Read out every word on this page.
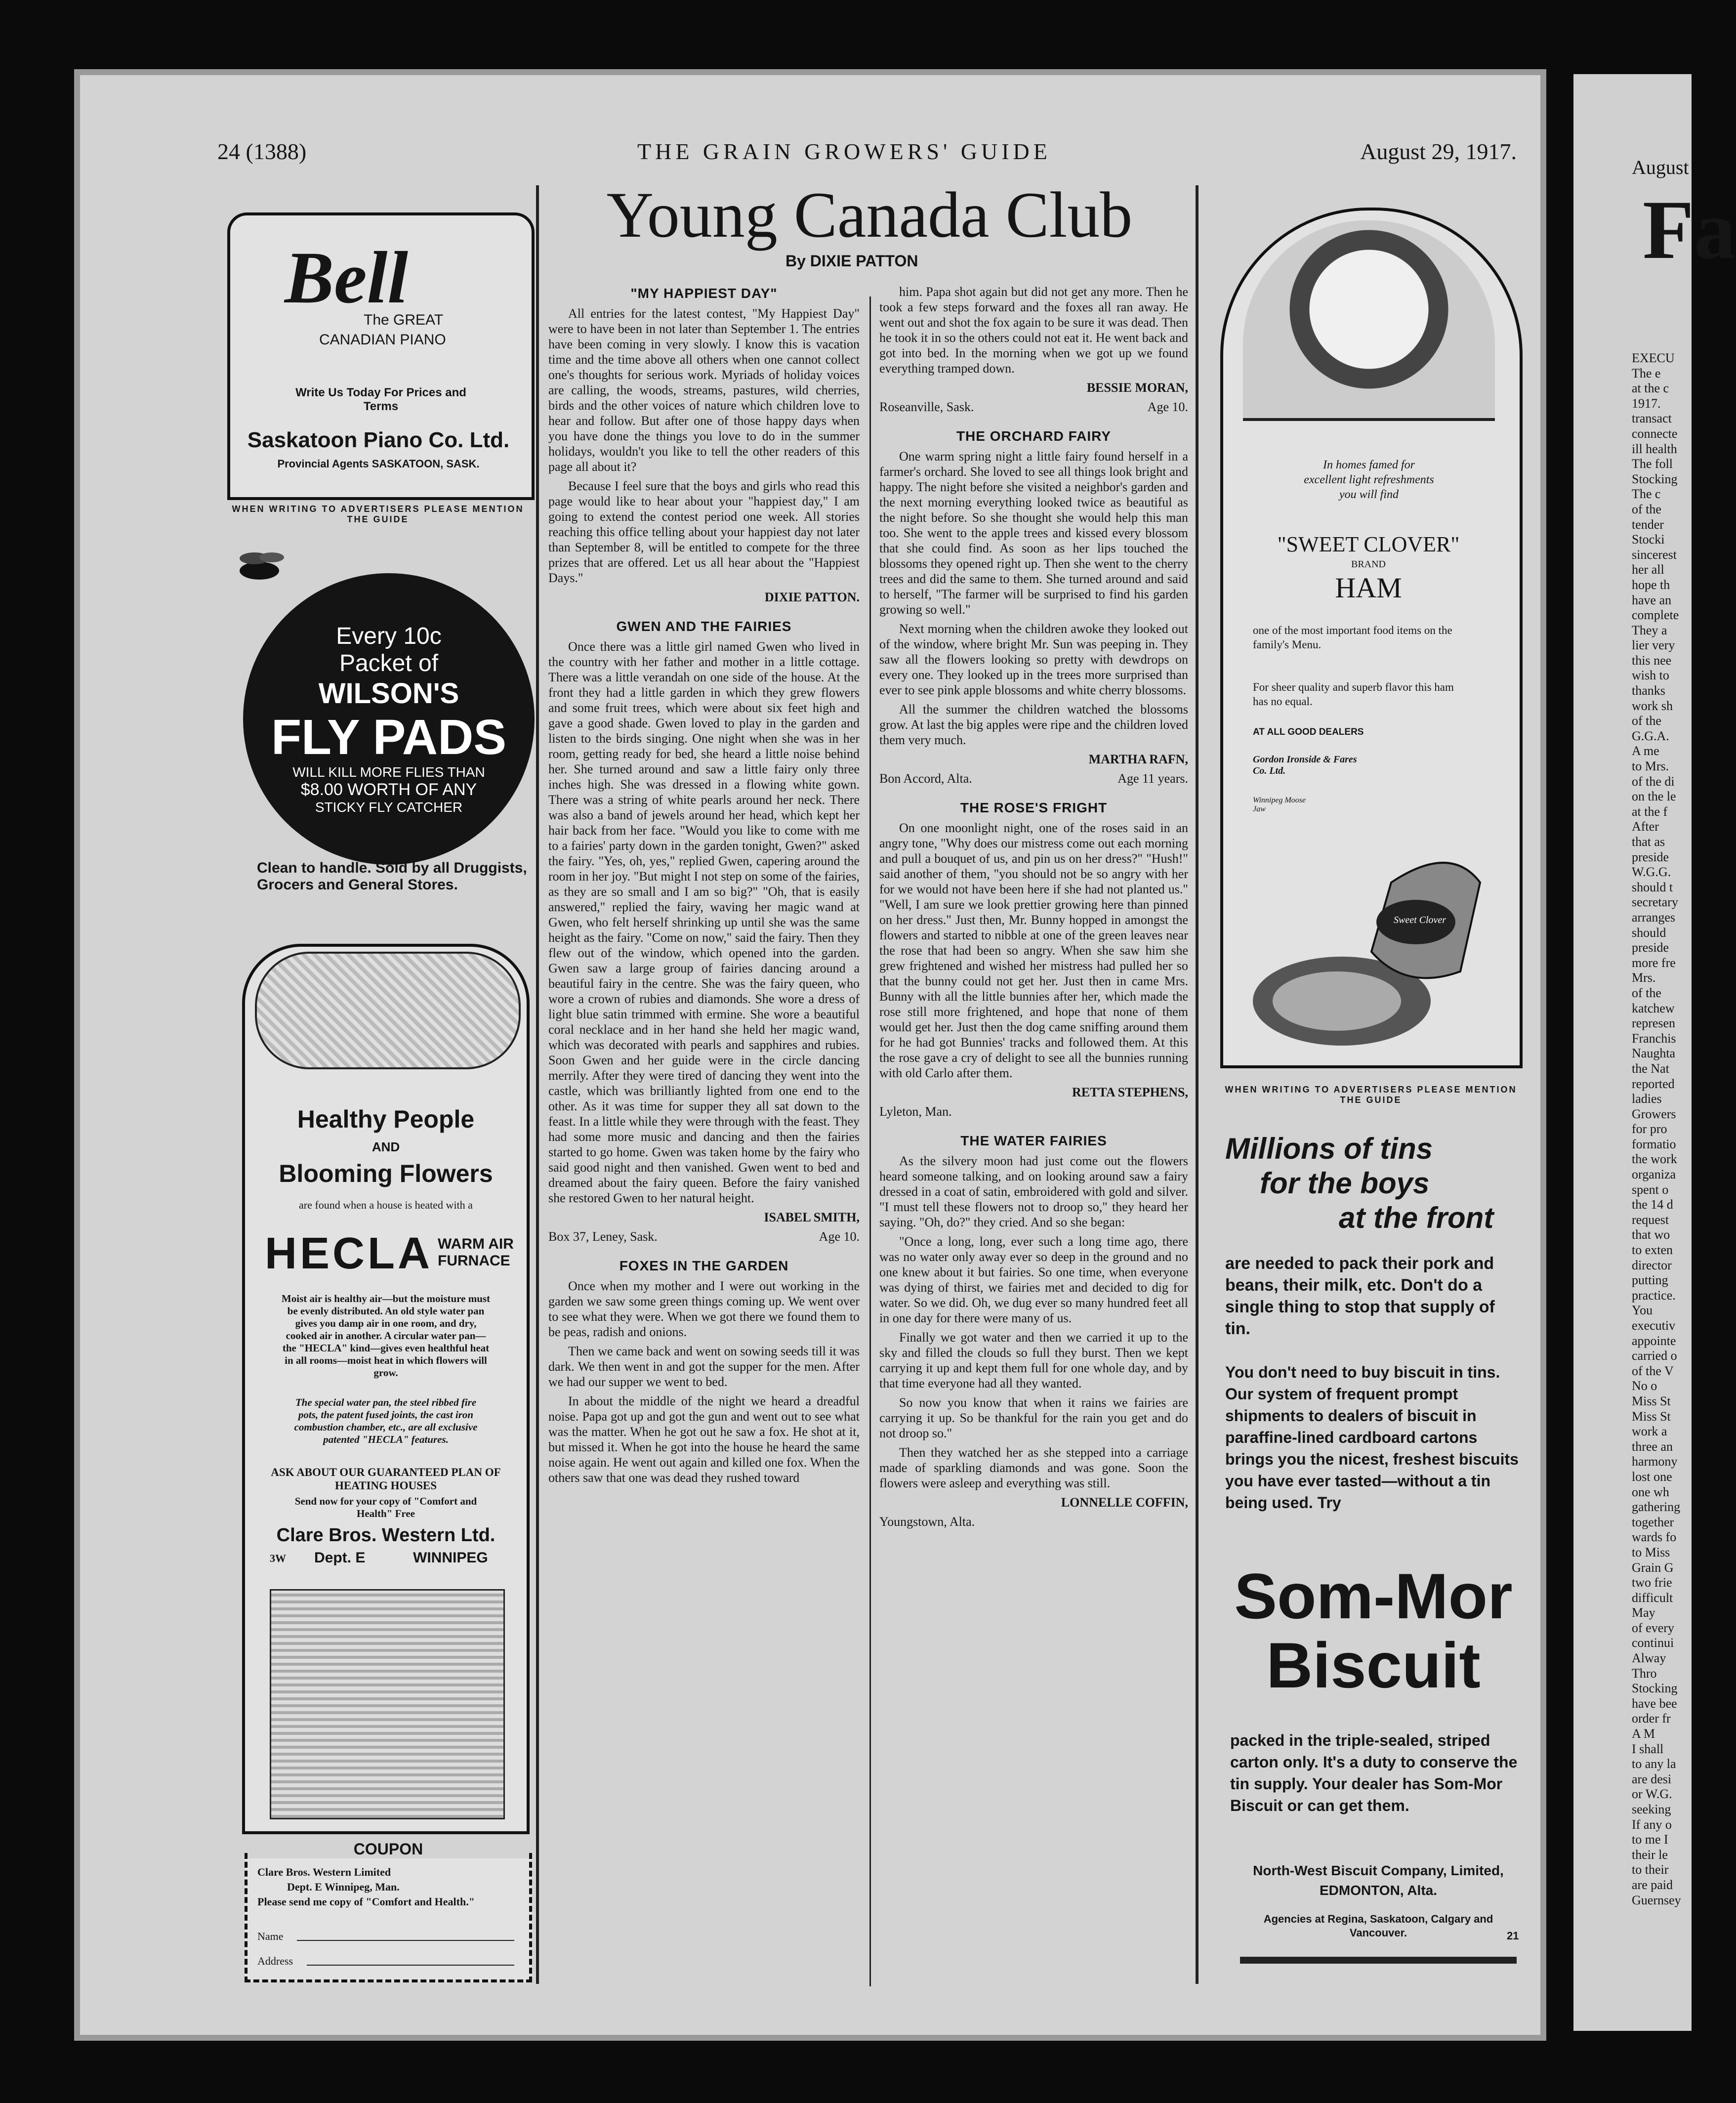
August
Fa
EXECU
The e
at the c
1917.
transact
connecte
ill health
The foll
Stocking
The c
of the
tender
Stocki
sincerest
her all
hope th
have an
complete
They a
lier very
this nee
wish to
thanks
work sh
of the
G.G.A.
A me
to Mrs.
of the di
on the le
at the f
After
that as
preside
W.G.G.
should t
secretary
arranges
should
preside
more fre
Mrs.
of the
katchew
represen
Franchis
Naughta
the Nat
reported
ladies
Growers
for pro
formatio
the work
organiza
spent o
the 14 d
request
that wo
to exten
director
putting
practice.
You
executiv
appointe
carried o
of the V
No o
Miss St
Miss St
work a
three an
harmony
lost one
one wh
gathering
together
wards fo
to Miss
Grain G
two frie
difficult
May
of every
continui
Alway
Thro
Stocking
have bee
order fr
A M
I shall
to any la
are desi
or W.G.
seeking
If any o
to me I
their le
to their
are paid
Guernsey
24 (1388)	THE GRAIN GROWERS' GUIDE	August 29, 1917.
Bell
The GREAT
CANADIAN PIANO
Write Us Today For Prices and Terms
Saskatoon Piano Co. Ltd.
Provincial Agents SASKATOON, SASK.
WHEN WRITING TO ADVERTISERS PLEASE MENTION THE GUIDE
Every 10c
Packet of
WILSON'S
FLY PADS
WILL KILL MORE FLIES THAN
$8.00 WORTH OF ANY
STICKY FLY CATCHER
Clean to handle. Sold by all Druggists, Grocers and General Stores.
Healthy People
AND
Blooming Flowers
are found when a house is heated with a
HECLA WARM AIR FURNACE
Moist air is healthy air—but the moisture must be evenly distributed. An old style water pan gives you damp air in one room, and dry, cooked air in another. A circular water pan—the "HECLA" kind—gives even healthful heat in all rooms—moist heat in which flowers will grow.
The special water pan, the steel ribbed fire pots, the patent fused joints, the cast iron combustion chamber, etc., are all exclusive patented "HECLA" features.
ASK ABOUT OUR GUARANTEED PLAN OF HEATING HOUSES
Send now for your copy of "Comfort and Health" Free
Clare Bros. Western Ltd.
3W Dept. E	WINNIPEG
COUPON
Clare Bros. Western Limited
Dept. E Winnipeg, Man.
Please send me copy of "Comfort and Health."
Name
Address
Young Canada Club
By DIXIE PATTON
"MY HAPPIEST DAY"

All entries for the latest contest, "My Happiest Day" were to have been in not later than September 1. The entries have been coming in very slowly. I know this is vacation time and the time above all others when one cannot collect one's thoughts for serious work. Myriads of holiday voices are calling, the woods, streams, pastures, wild cherries, birds and the other voices of nature which children love to hear and follow. But after one of those happy days when you have done the things you love to do in the summer holidays, wouldn't you like to tell the other readers of this page all about it?

Because I feel sure that the boys and girls who read this page would like to hear about your "happiest day," I am going to extend the contest period one week. All stories reaching this office telling about your happiest day not later than September 8, will be entitled to compete for the three prizes that are offered. Let us all hear about the "Happiest Days."

DIXIE PATTON.

GWEN AND THE FAIRIES

Once there was a little girl named Gwen who lived in the country with her father and mother in a little cottage. There was a little verandah on one side of the house. At the front they had a little garden in which they grew flowers and some fruit trees, which were about six feet high and gave a good shade. Gwen loved to play in the garden and listen to the birds singing. One night when she was in her room, getting ready for bed, she heard a little noise behind her. She turned around and saw a little fairy only three inches high. She was dressed in a flowing white gown. There was a string of white pearls around her neck. There was also a band of jewels around her head, which kept her hair back from her face. "Would you like to come with me to a fairies' party down in the garden tonight, Gwen?" asked the fairy. "Yes, oh, yes," replied Gwen, capering around the room in her joy. "But might I not step on some of the fairies, as they are so small and I am so big?" "Oh, that is easily answered," replied the fairy, waving her magic wand at Gwen, who felt herself shrinking up until she was the same height as the fairy. "Come on now," said the fairy. Then they flew out of the window, which opened into the garden. Gwen saw a large group of fairies dancing around a beautiful fairy in the centre. She was the fairy queen, who wore a crown of rubies and diamonds. She wore a dress of light blue satin trimmed with ermine. She wore a beautiful coral necklace and in her hand she held her magic wand, which was decorated with pearls and sapphires and rubies. Soon Gwen and her guide were in the circle dancing merrily. After they were tired of dancing they went into the castle, which was brilliantly lighted from one end to the other. As it was time for supper they all sat down to the feast. In a little while they were through with the feast. They had some more music and dancing and then the fairies started to go home. Gwen was taken home by the fairy who said good night and then vanished. Gwen went to bed and dreamed about the fairy queen. Before the fairy vanished she restored Gwen to her natural height.

ISABEL SMITH,

Box 37, Leney, Sask.	Age 10.
FOXES IN THE GARDEN

Once when my mother and I were out working in the garden we saw some green things coming up. We went over to see what they were. When we got there we found them to be peas, radish and onions.

Then we came back and went on sowing seeds till it was dark. We then went in and got the supper for the men. After we had our supper we went to bed.

In about the middle of the night we heard a dreadful noise. Papa got up and got the gun and went out to see what was the matter. When he got out he saw a fox. He shot at it, but missed it. When he got into the house he heard the same noise again. He went out again and killed one fox. When the others saw that one was dead they rushed toward

him. Papa shot again but did not get any more. Then he took a few steps forward and the foxes all ran away. He went out and shot the fox again to be sure it was dead. Then he took it in so the others could not eat it. He went back and got into bed. In the morning when we got up we found everything tramped down.

BESSIE MORAN,

Roseanville, Sask.	Age 10.
THE ORCHARD FAIRY

One warm spring night a little fairy found herself in a farmer's orchard. She loved to see all things look bright and happy. The night before she visited a neighbor's garden and the next morning everything looked twice as beautiful as the night before. So she thought she would help this man too. She went to the apple trees and kissed every blossom that she could find. As soon as her lips touched the blossoms they opened right up. Then she went to the cherry trees and did the same to them. She turned around and said to herself, "The farmer will be surprised to find his garden growing so well."

Next morning when the children awoke they looked out of the window, where bright Mr. Sun was peeping in. They saw all the flowers looking so pretty with dewdrops on every one. They looked up in the trees more surprised than ever to see pink apple blossoms and white cherry blossoms.

All the summer the children watched the blossoms grow. At last the big apples were ripe and the children loved them very much.

MARTHA RAFN,

Bon Accord, Alta.	Age 11 years.
THE ROSE'S FRIGHT

On one moonlight night, one of the roses said in an angry tone, "Why does our mistress come out each morning and pull a bouquet of us, and pin us on her dress?" "Hush!" said another of them, "you should not be so angry with her for we would not have been here if she had not planted us." "Well, I am sure we look prettier growing here than pinned on her dress." Just then, Mr. Bunny hopped in amongst the flowers and started to nibble at one of the green leaves near the rose that had been so angry. When she saw him she grew frightened and wished her mistress had pulled her so that the bunny could not get her. Just then in came Mrs. Bunny with all the little bunnies after her, which made the rose still more frightened, and hope that none of them would get her. Just then the dog came sniffing around them for he had got Bunnies' tracks and followed them. At this the rose gave a cry of delight to see all the bunnies running with old Carlo after them.

RETTA STEPHENS,

Lyleton, Man.
THE WATER FAIRIES

As the silvery moon had just come out the flowers heard someone talking, and on looking around saw a fairy dressed in a coat of satin, embroidered with gold and silver. "I must tell these flowers not to droop so," they heard her saying. "Oh, do?" they cried. And so she began:

"Once a long, long, ever such a long time ago, there was no water only away ever so deep in the ground and no one knew about it but fairies. So one time, when everyone was dying of thirst, we fairies met and decided to dig for water. So we did. Oh, we dug ever so many hundred feet all in one day for there were many of us.

Finally we got water and then we carried it up to the sky and filled the clouds so full they burst. Then we kept carrying it up and kept them full for one whole day, and by that time everyone had all they wanted.

So now you know that when it rains we fairies are carrying it up. So be thankful for the rain you get and do not droop so."

Then they watched her as she stepped into a carriage made of sparkling diamonds and was gone. Soon the flowers were asleep and everything was still.

LONNELLE COFFIN,

Youngstown, Alta.
In homes famed for excellent light refreshments you will find
"SWEET CLOVER"
BRAND
HAM
one of the most important food items on the family's Menu.
For sheer quality and superb flavor this ham has no equal.
AT ALL GOOD DEALERS
Gordon Ironside & Fares Co. Ltd.
Winnipeg Moose Jaw
Sweet Clover
WHEN WRITING TO ADVERTISERS PLEASE MENTION THE GUIDE
Millions of tins
for the boys
at the front
are needed to pack their pork and beans, their milk, etc. Don't do a single thing to stop that supply of tin.
You don't need to buy biscuit in tins. Our system of frequent prompt shipments to dealers of biscuit in paraffine-lined cardboard cartons brings you the nicest, freshest biscuits you have ever tasted—without a tin being used. Try
Som-Mor
Biscuit
packed in the triple-sealed, striped carton only. It's a duty to conserve the tin supply. Your dealer has Som-Mor Biscuit or can get them.
North-West Biscuit Company, Limited,
EDMONTON, Alta.
Agencies at Regina, Saskatoon, Calgary and Vancouver.	21
